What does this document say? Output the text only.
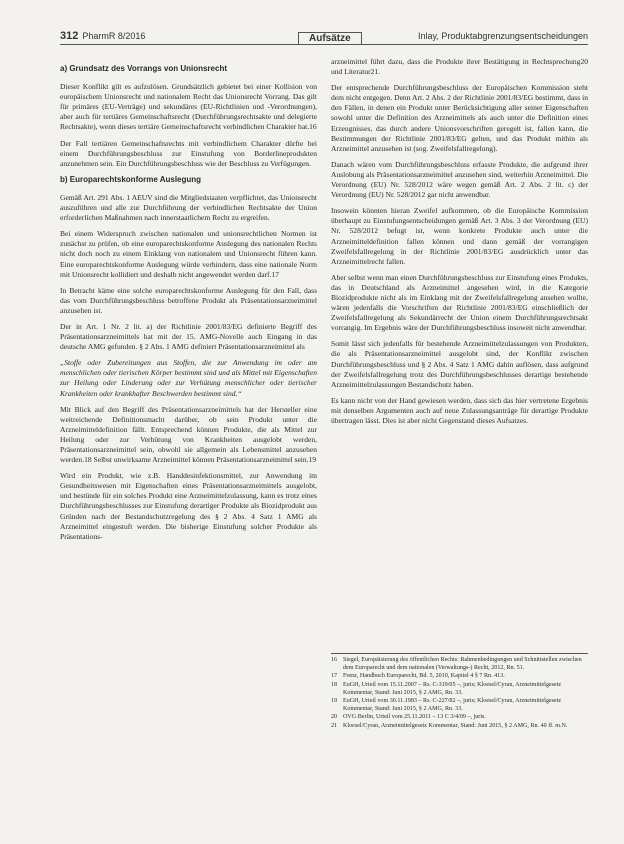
312 PharmR 8/2016	Aufsätze	Inlay, Produktabgrenzungsentscheidungen
a) Grundsatz des Vorrangs von Unionsrecht

Dieser Konflikt gilt es aufzulösen. Grundsätzlich gebietet bei einer Kollision von europäischem Unionsrecht und nationalem Recht das Unionsrecht Vorrang. Das gilt für primäres (EU-Verträge) und sekundäres (EU-Richtlinien und -Verordnungen), aber auch für tertiäres Gemeinschaftsrecht (Durchführungsrechtsakte und delegierte Rechtsakte), wenn dieses tertiäre Gemeinschaftsrecht verbindlichen Charakter hat.16

Der Fall tertiären Gemeinschaftsrechts mit verbindlichem Charakter dürfte bei einem Durchführungsbeschluss zur Einstufung von Borderlineprodukten anzunehmen sein. Ein Durchführungsbeschluss wie der Beschluss zu Verfügungen.

b) Europarechtskonforme Auslegung

Gemäß Art. 291 Abs. 1 AEUV sind die Mitgliedstaaten verpflichtet, das Unionsrecht auszuführen und alle zur Durchführung der verbindlichen Rechtsakte der Union erforderlichen Maßnahmen nach innerstaatlichem Recht zu ergreifen.

Bei einem Widerspruch zwischen nationalen und unionsrechtlichen Normen ist zunächst zu prüfen, ob eine europarechtskonforme Auslegung des nationalen Rechts nicht doch noch zu einem Einklang von nationalem und Unionsrecht führen kann. Eine europarechtskonforme Auslegung würde verhindern, dass eine nationale Norm mit Unionsrecht kollidiert und deshalb nicht angewendet werden darf.17

In Betracht käme eine solche europarechtskonforme Auslegung für den Fall, dass das vom Durchführungsbeschluss betroffene Produkt als Präsentationsarzneimittel anzusehen ist.

Der in Art. 1 Nr. 2 lit. a) der Richtlinie 2001/83/EG definierte Begriff des Präsentationsarzneimittels hat mit der 15. AMG-Novelle auch Eingang in das deutsche AMG gefunden. § 2 Abs. 1 AMG definiert Präsentationsarzneimittel als

„Stoffe oder Zubereitungen aus Stoffen, die zur Anwendung im oder am menschlichen oder tierischen Körper bestimmt sind und als Mittel mit Eigenschaften zur Heilung oder Linderung oder zur Verhütung menschlicher oder tierischer Krankheiten oder krankhafter Beschwerden bestimmt sind.“

Mit Blick auf den Begriff des Präsentationsarzneimittels hat der Hersteller eine weitreichende Definitionsmacht darüber, ob sein Produkt unter die Arzneimitteldefinition fällt. Entsprechend können Produkte, die als Mittel zur Heilung oder zur Verhütung von Krankheiten ausgelobt werden, Präsentationsarzneimittel sein, obwohl sie allgemein als Lebensmittel anzusehen werden.18 Selbst unwirksame Arzneimittel können Präsentationsarzneimittel sein.19

Wird ein Produkt, wie z.B. Handdesinfektionsmittel, zur Anwendung im Gesundheitswesen mit Eigenschaften eines Präsentationsarzneimittels ausgelobt, und bestünde für ein solches Produkt eine Arzneimittelzulassung, kann es trotz eines Durchführungsbeschlusses zur Einstufung derartiger Produkte als Biozidprodukt aus Gründen nach der Bestandschutzregelung des § 2 Abs. 4 Satz 1 AMG als Arzneimittel eingestuft werden. Die bisherige Einstufung solcher Produkte als Präsentations-

arzneimittel führt dazu, dass die Produkte ihrer Bestätigung in Rechtsprechung20 und Literatur21.

Der entsprechende Durchführungsbeschluss der Europäischen Kommission steht dem nicht entgegen. Denn Art. 2 Abs. 2 der Richtlinie 2001/83/EG bestimmt, dass in den Fällen, in denen ein Produkt unter Berücksichtigung aller seiner Eigenschaften sowohl unter die Definition des Arzneimittels als auch unter die Definition eines Erzeugnisses, das durch andere Unionsvorschriften geregelt ist, fallen kann, die Bestimmungen der Richtlinie 2001/83/EG gelten, und das Produkt mithin als Arzneimittel anzusehen ist (sog. Zweifelsfallregelung).

Danach wären vom Durchführungsbeschluss erfasste Produkte, die aufgrund ihrer Auslobung als Präsentationsarzneimittel anzusehen sind, weiterhin Arzneimittel. Die Verordnung (EU) Nr. 528/2012 wäre wegen gemäß Art. 2 Abs. 2 lit. c) der Verordnung (EU) Nr. 528/2012 gar nicht anwendbar.

Insowein könnten hieran Zweifel aufkommen, ob die Europäische Kommission überhaupt zu Einstufungsentscheidungen gemäß Art. 3 Abs. 3 der Verordnung (EU) Nr. 528/2012 befugt ist, wenn konkrete Produkte auch unter die Arzneimitteldefinition fallen können und dann gemäß der vorrangigen Zweifelsfallregelung in der Richtlinie 2001/83/EG ausdrücklich unter das Arzneimittelrecht fallen.

Aber selbst wenn man einen Durchführungsbeschluss zur Einstufung eines Produkts, das in Deutschland als Arzneimittel angesehen wird, in die Kategorie Biozidprodukte nicht als im Einklang mit der Zweifelsfallregelung ansehen wollte, wären jedenfalls die Vorschriften der Richtlinie 2001/83/EG einschließlich der Zweifelsfallregelung als Sekundärrecht der Union einem Durchführungsrechtsakt vorrangig. Im Ergebnis wäre der Durchführungsbeschluss insoweit nicht anwendbar.

Somit lässt sich jedenfalls für bestehende Arzneimittelzulassungen von Produkten, die als Präsentationsarzneimittel ausgelobt sind, der Konflikt zwischen Durchführungsbeschluss und § 2 Abs. 4 Satz 1 AMG dahin auflösen, dass aufgrund der Zweifelsfallregelung trotz des Durchführungsbeschlusses derartige bestehende Arzneimittelzulassungen Bestandschutz haben.

Es kann nicht von der Hand gewiesen werden, dass sich das hier vertretene Ergebnis mit denselben Argumenten auch auf neue Zulassungsanträge für derartige Produkte übertragen lässt. Dies ist aber nicht Gegenstand dieses Aufsatzes.

16 Siegel, Europäisierung des öffentlichen Rechts: Rahmenbedingungen und Schnittstellen zwischen dem Europarecht und dem nationalen (Verwaltungs-) Recht, 2012, Rn. 51.
17 Frenz, Handbuch Europarecht, Bd. 5, 2010, Kapitel 4 § 7 Rn. 413.
18 EuGH, Urteil vom 15.11.2007 – Rs. C-319/05 –, juris; Kloesel/Cyran, Arzneimittelgesetz Kommentar, Stand: Juni 2015, § 2 AMG, Rn. 33.
19 EuGH, Urteil vom 30.11.1983 – Rs. C-227/82 –, juris; Kloesel/Cyran, Arzneimittelgesetz Kommentar, Stand: Juni 2015, § 2 AMG, Rn. 33.
20 OVG Berlin, Urteil vom 25.11.2011 – 13 C 3/4/09 –, juris.
21 Kloesel/Cyran, Arzneimittelgesetz Kommentar, Stand: Juni 2015, § 2 AMG, Rn. 40 ff. m.N.
